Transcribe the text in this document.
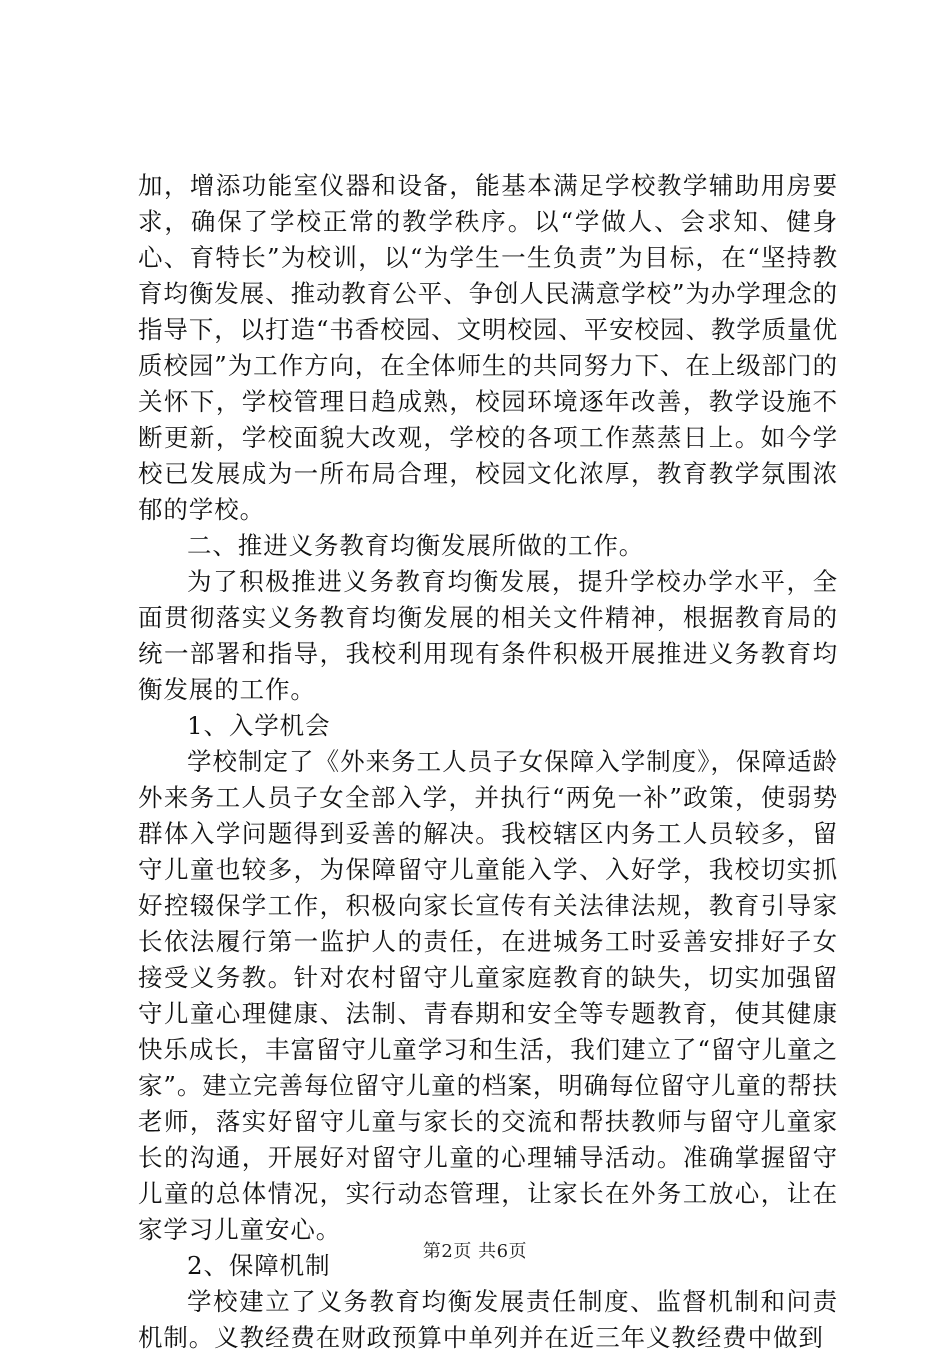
加，增添功能室仪器和设备，能基本满足学校教学辅助用房要求，确保了学校正常的教学秩序。以“学做人、会求知、健身心、育特长”为校训，以“为学生一生负责”为目标，在“坚持教育均衡发展、推动教育公平、争创人民满意学校”为办学理念的指导下，以打造“书香校园、文明校园、平安校园、教学质量优质校园”为工作方向，在全体师生的共同努力下、在上级部门的关怀下，学校管理日趋成熟，校园环境逐年改善，教学设施不断更新，学校面貌大改观，学校的各项工作蒸蒸日上。如今学校已发展成为一所布局合理，校园文化浓厚，教育教学氛围浓郁的学校。

二、推进义务教育均衡发展所做的工作。

为了积极推进义务教育均衡发展，提升学校办学水平，全面贯彻落实义务教育均衡发展的相关文件精神，根据教育局的统一部署和指导，我校利用现有条件积极开展推进义务教育均衡发展的工作。

1、入学机会

学校制定了《外来务工人员子女保障入学制度》，保障适龄外来务工人员子女全部入学，并执行“两免一补”政策，使弱势群体入学问题得到妥善的解决。我校辖区内务工人员较多，留守儿童也较多，为保障留守儿童能入学、入好学，我校切实抓好控辍保学工作，积极向家长宣传有关法律法规，教育引导家长依法履行第一监护人的责任，在进城务工时妥善安排好子女接受义务教。针对农村留守儿童家庭教育的缺失，切实加强留守儿童心理健康、法制、青春期和安全等专题教育，使其健康快乐成长，丰富留守儿童学习和生活，我们建立了“留守儿童之家”。建立完善每位留守儿童的档案，明确每位留守儿童的帮扶老师，落实好留守儿童与家长的交流和帮扶教师与留守儿童家长的沟通，开展好对留守儿童的心理辅导活动。准确掌握留守儿童的总体情况，实行动态管理，让家长在外务工放心，让在家学习儿童安心。

2、保障机制

学校建立了义务教育均衡发展责任制度、监督机制和问责机制。义教经费在财政预算中单列并在近三年义教经费中做到

第2页 共6页
